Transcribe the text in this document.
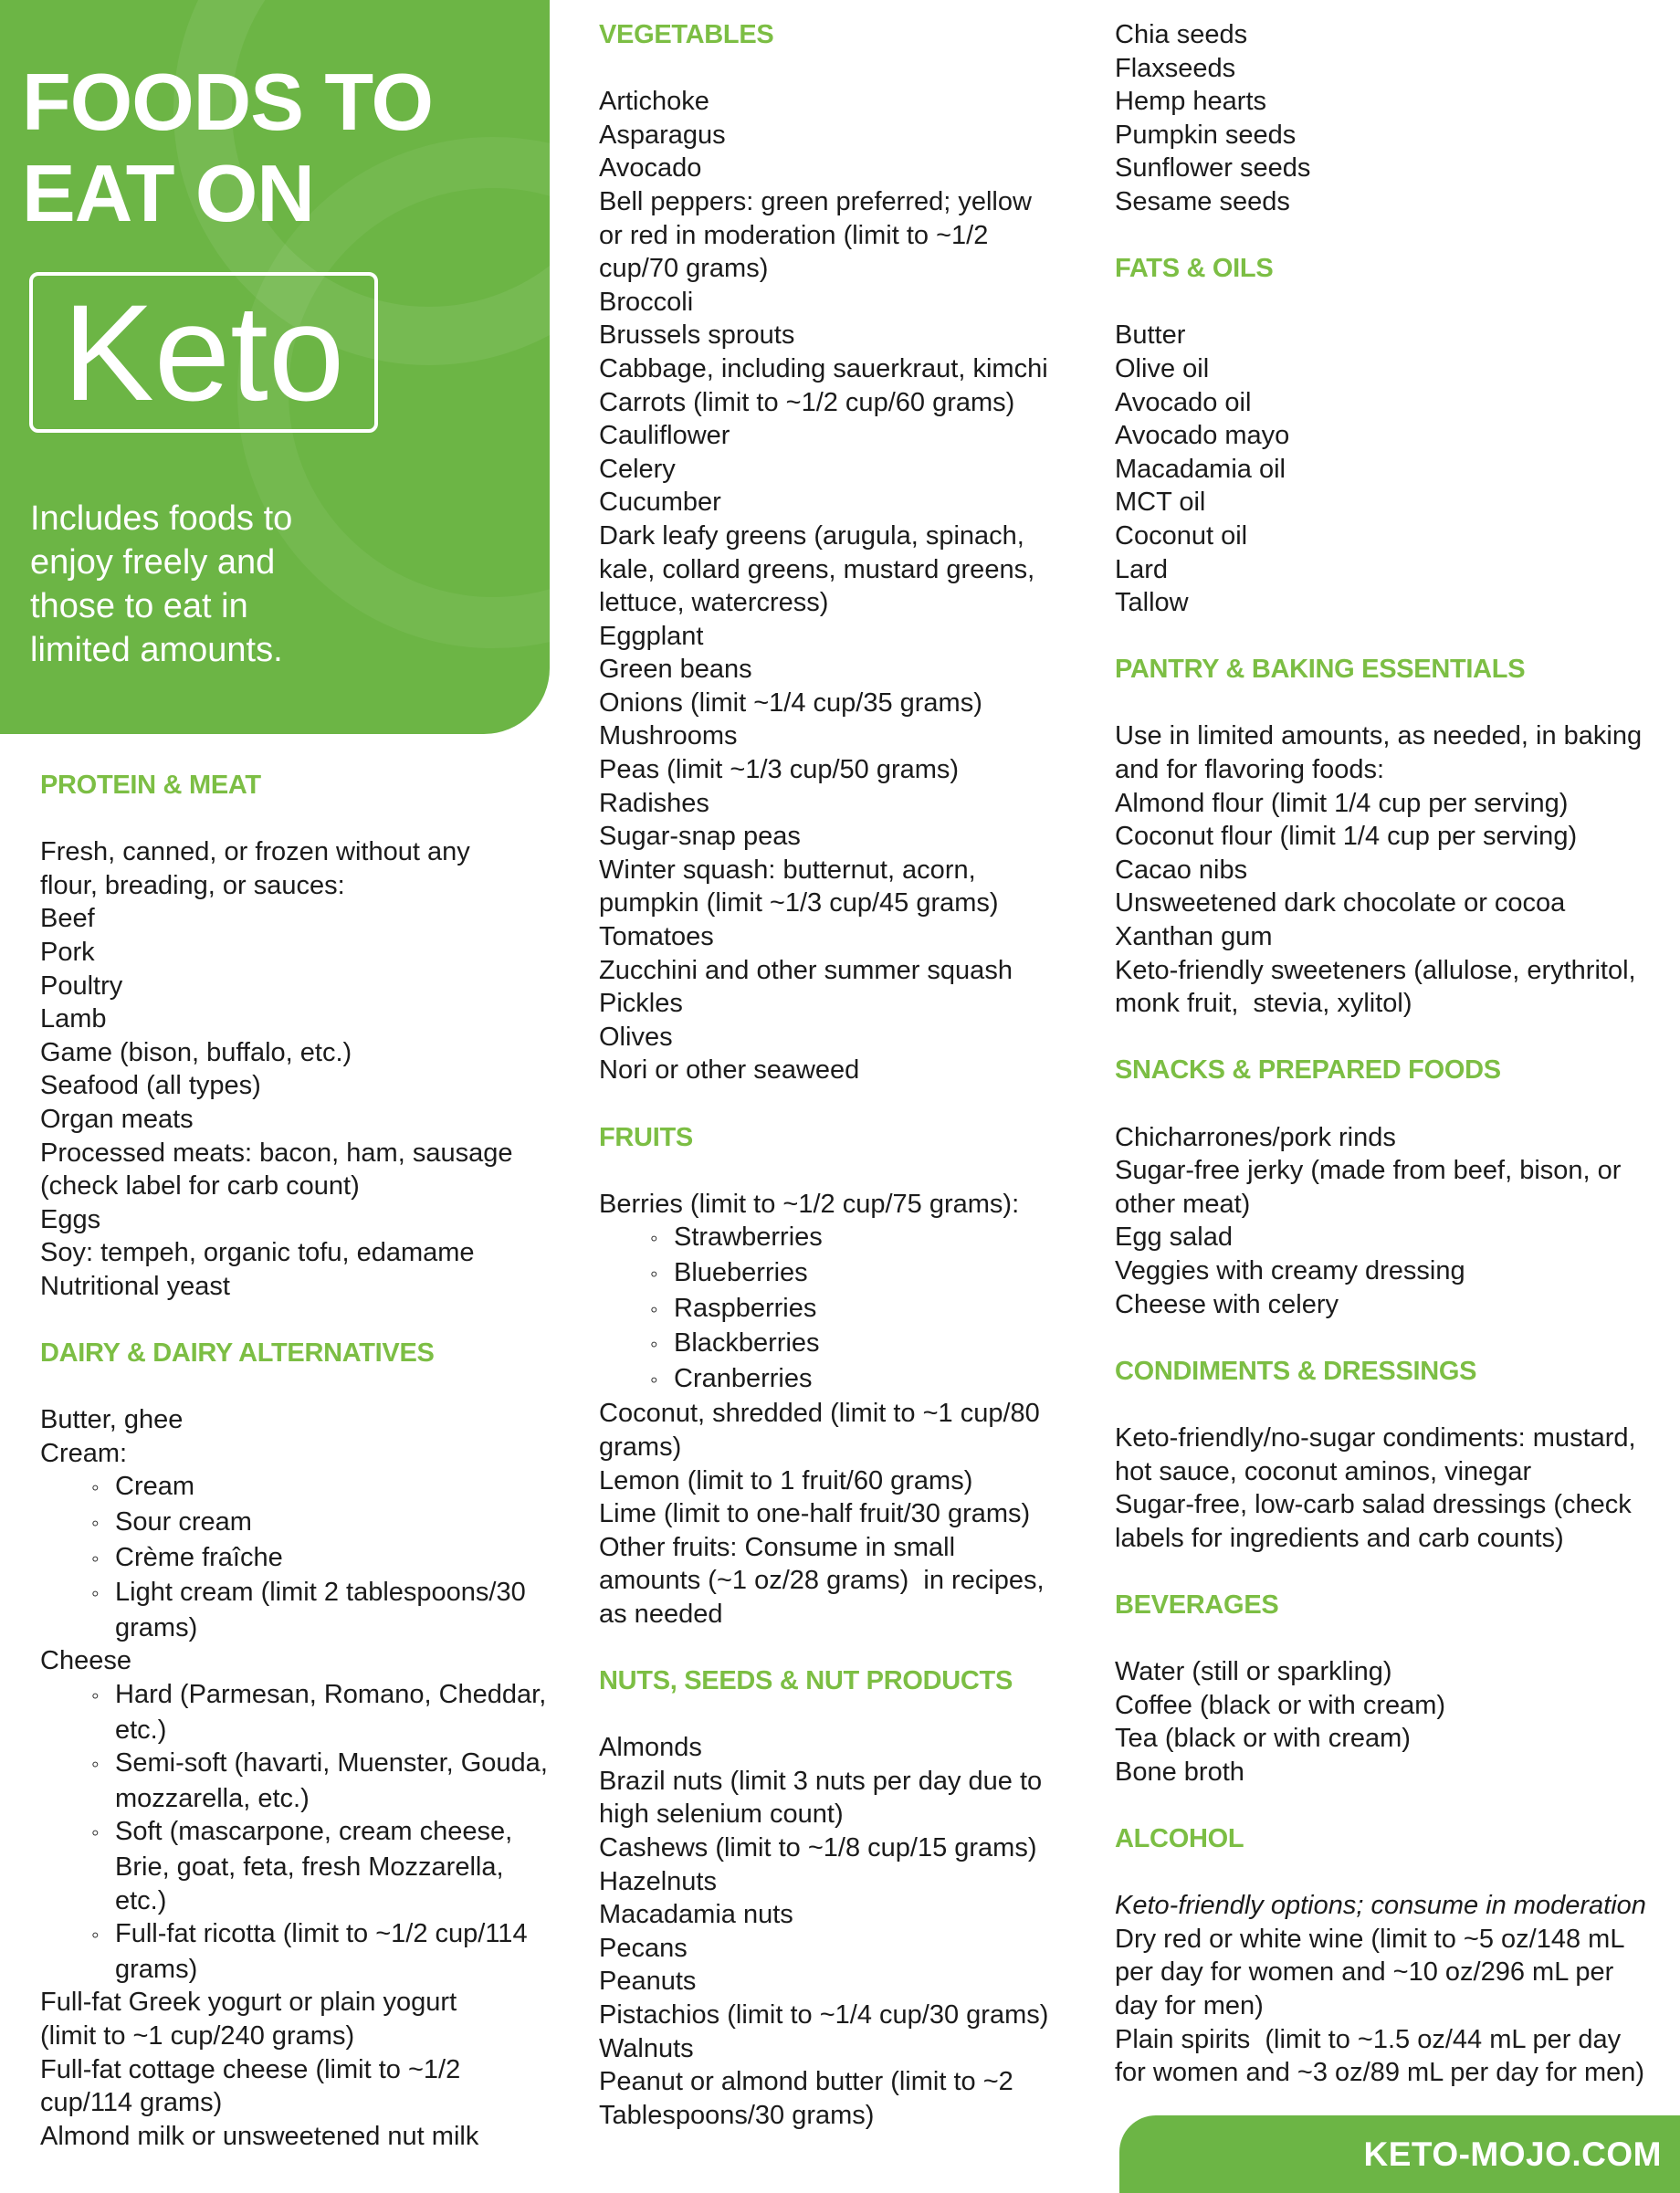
FOODS TO
EAT ON
Keto

Includes foods to
enjoy freely and
those to eat in
limited amounts.

PROTEIN & MEAT
Fresh, canned, or frozen without any
flour, breading, or sauces:
Beef
Pork
Poultry
Lamb
Game (bison, buffalo, etc.)
Seafood (all types)
Organ meats
Processed meats: bacon, ham, sausage
(check label for carb count)
Eggs
Soy: tempeh, organic tofu, edamame
Nutritional yeast
DAIRY & DAIRY ALTERNATIVES
Butter, ghee
Cream:
◦ Cream
◦ Sour cream
◦ Crème fraîche
◦ Light cream (limit 2 tablespoons/30 grams)
Cheese
◦ Hard (Parmesan, Romano, Cheddar, etc.)
◦ Semi-soft (havarti, Muenster, Gouda, mozzarella, etc.)
◦ Soft (mascarpone, cream cheese, Brie, goat, feta, fresh Mozzarella, etc.)
◦ Full-fat ricotta (limit to ~1/2 cup/114 grams)
Full-fat Greek yogurt or plain yogurt
(limit to ~1 cup/240 grams)
Full-fat cottage cheese (limit to ~1/2
cup/114 grams)
Almond milk or unsweetened nut milk
VEGETABLES
Artichoke
Asparagus
Avocado
Bell peppers: green preferred; yellow
or red in moderation (limit to ~1/2
cup/70 grams)
Broccoli
Brussels sprouts
Cabbage, including sauerkraut, kimchi
Carrots (limit to ~1/2 cup/60 grams)
Cauliflower
Celery
Cucumber
Dark leafy greens (arugula, spinach,
kale, collard greens, mustard greens,
lettuce, watercress)
Eggplant
Green beans
Onions (limit ~1/4 cup/35 grams)
Mushrooms
Peas (limit ~1/3 cup/50 grams)
Radishes
Sugar-snap peas
Winter squash: butternut, acorn,
pumpkin (limit ~1/3 cup/45 grams)
Tomatoes
Zucchini and other summer squash
Pickles
Olives
Nori or other seaweed
FRUITS
Berries (limit to ~1/2 cup/75 grams):
◦ Strawberries
◦ Blueberries
◦ Raspberries
◦ Blackberries
◦ Cranberries
Coconut, shredded (limit to ~1 cup/80
grams)
Lemon (limit to 1 fruit/60 grams)
Lime (limit to one-half fruit/30 grams)
Other fruits: Consume in small
amounts (~1 oz/28 grams)  in recipes,
as needed
NUTS, SEEDS & NUT PRODUCTS
Almonds
Brazil nuts (limit 3 nuts per day due to
high selenium count)
Cashews (limit to ~1/8 cup/15 grams)
Hazelnuts
Macadamia nuts
Pecans
Peanuts
Pistachios (limit to ~1/4 cup/30 grams)
Walnuts
Peanut or almond butter (limit to ~2
Tablespoons/30 grams)
Chia seeds
Flaxseeds
Hemp hearts
Pumpkin seeds
Sunflower seeds
Sesame seeds
FATS & OILS
Butter
Olive oil
Avocado oil
Avocado mayo
Macadamia oil
MCT oil
Coconut oil
Lard
Tallow
PANTRY & BAKING ESSENTIALS
Use in limited amounts, as needed, in baking
and for flavoring foods:
Almond flour (limit 1/4 cup per serving)
Coconut flour (limit 1/4 cup per serving)
Cacao nibs
Unsweetened dark chocolate or cocoa
Xanthan gum
Keto-friendly sweeteners (allulose, erythritol,
monk fruit,  stevia, xylitol)
SNACKS & PREPARED FOODS
Chicharrones/pork rinds
Sugar-free jerky (made from beef, bison, or
other meat)
Egg salad
Veggies with creamy dressing
Cheese with celery
CONDIMENTS & DRESSINGS
Keto-friendly/no-sugar condiments: mustard,
hot sauce, coconut aminos, vinegar
Sugar-free, low-carb salad dressings (check
labels for ingredients and carb counts)
BEVERAGES
Water (still or sparkling)
Coffee (black or with cream)
Tea (black or with cream)
Bone broth
ALCOHOL
Keto-friendly options; consume in moderation
Dry red or white wine (limit to ~5 oz/148 mL
per day for women and ~10 oz/296 mL per
day for men)
Plain spirits  (limit to ~1.5 oz/44 mL per day
for women and ~3 oz/89 mL per day for men)
KETO-MOJO.COM
